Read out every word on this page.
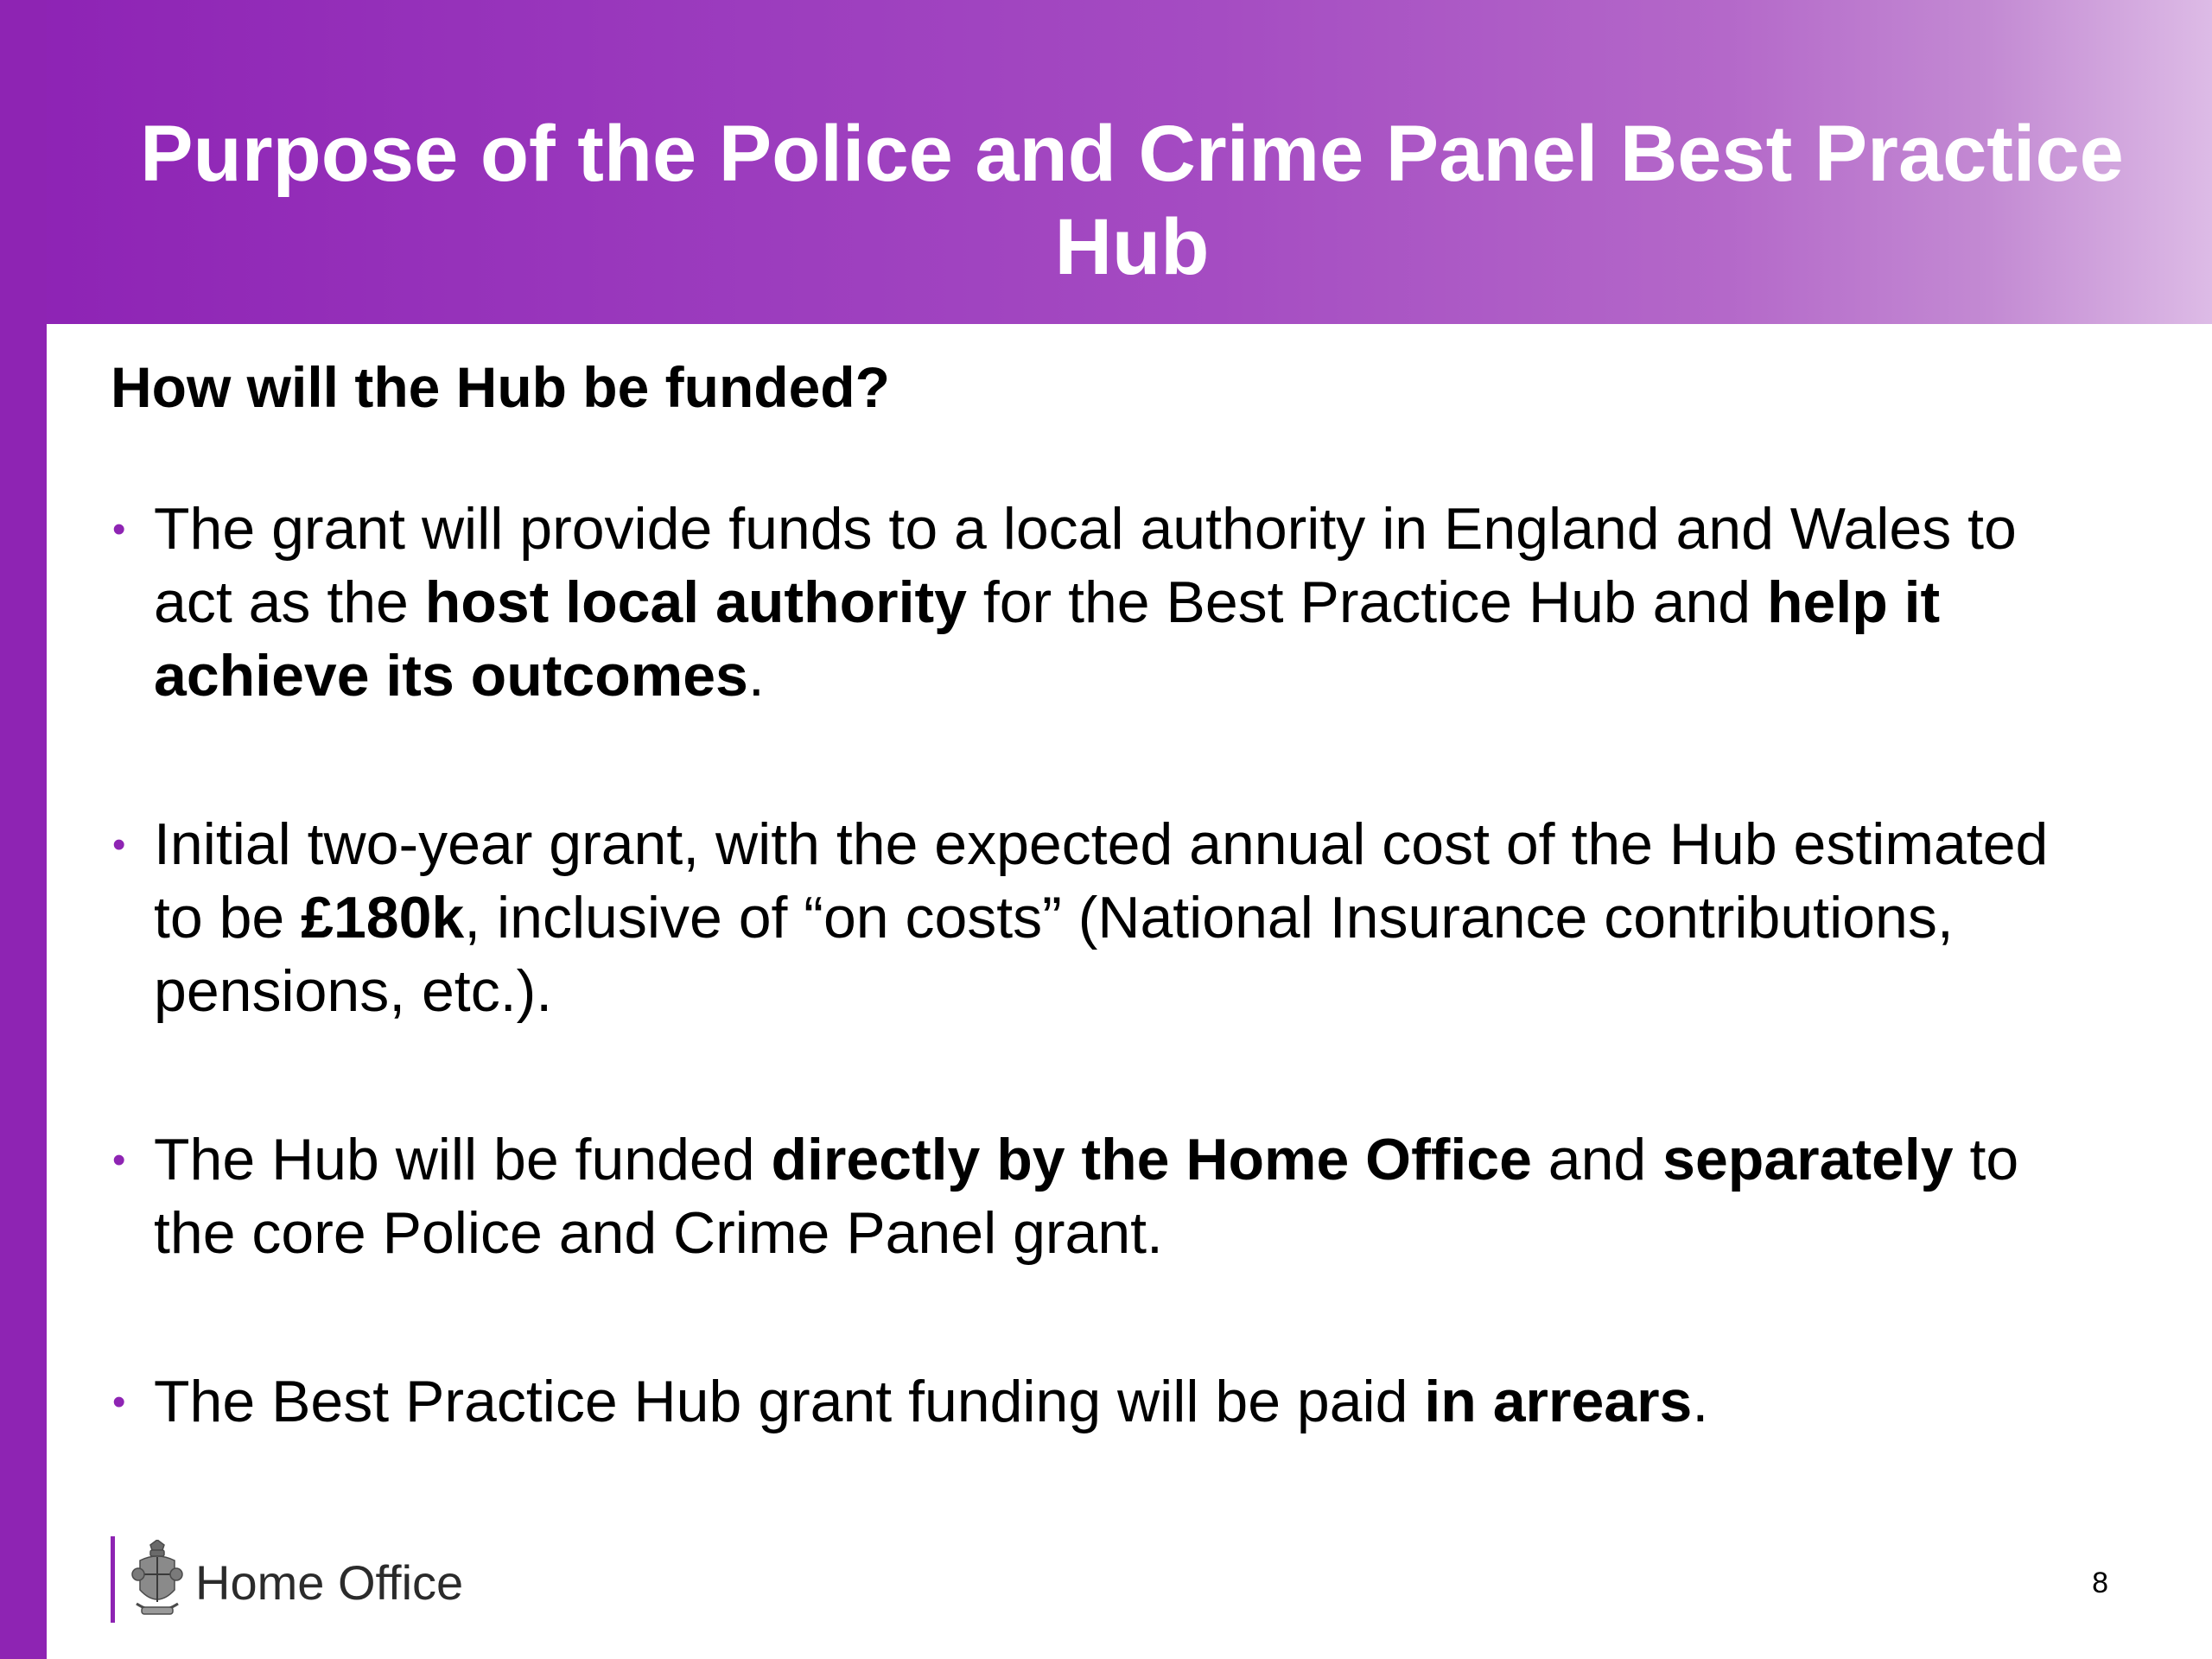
Purpose of the Police and Crime Panel Best Practice Hub
How will the Hub be funded?
• The grant will provide funds to a local authority in England and Wales to act as the host local authority for the Best Practice Hub and help it achieve its outcomes.
• Initial two-year grant, with the expected annual cost of the Hub estimated to be £180k, inclusive of “on costs” (National Insurance contributions, pensions, etc.).
• The Hub will be funded directly by the Home Office and separately to the core Police and Crime Panel grant.
• The Best Practice Hub grant funding will be paid in arrears.
Home Office	8
